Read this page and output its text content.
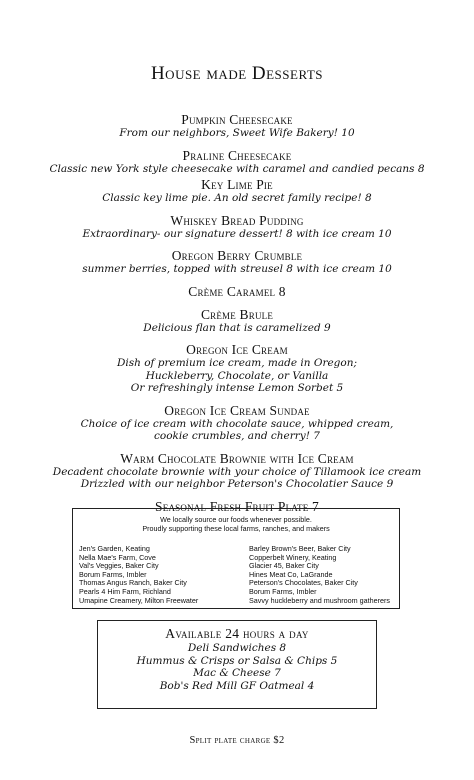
House made Desserts
Pumpkin Cheesecake
From our neighbors, Sweet Wife Bakery! 10
Praline Cheesecake
Classic new York style cheesecake with caramel and candied pecans 8
Key Lime Pie
Classic key lime pie. An old secret family recipe! 8
Whiskey Bread Pudding
Extraordinary- our signature dessert! 8 with ice cream 10
Oregon Berry Crumble
summer berries, topped with streusel 8 with ice cream 10
Crème Caramel 8
Crème Brule
Delicious flan that is caramelized 9
Oregon Ice Cream
Dish of premium ice cream, made in Oregon;
Huckleberry, Chocolate, or Vanilla
Or refreshingly intense Lemon Sorbet 5
Oregon Ice Cream Sundae
Choice of ice cream with chocolate sauce, whipped cream,
cookie crumbles, and cherry! 7
Warm Chocolate Brownie with Ice Cream
Decadent chocolate brownie with your choice of Tillamook ice cream
Drizzled with our neighbor Peterson's Chocolatier Sauce 9
Seasonal Fresh Fruit Plate 7
We locally source our foods whenever possible.
Proudly supporting these local farms, ranches, and makers
Jen's Garden, Keating
Nella Mae's Farm, Cove
Val's Veggies, Baker City
Borum Farms, Imbler
Thomas Angus Ranch, Baker City
Pearls 4 Him Farm, Richland
Umapine Creamery, Milton Freewater
Barley Brown's Beer, Baker City
Copperbelt Winery, Keating
Glacier 45, Baker City
Hines Meat Co, LaGrande
Peterson's Chocolates, Baker City
Borum Farms, Imbler
Savvy huckleberry and mushroom gatherers
Available 24 hours a day
Deli Sandwiches 8
Hummus & Crisps or Salsa & Chips 5
Mac & Cheese 7
Bob's Red Mill GF Oatmeal 4
Split plate charge $2
